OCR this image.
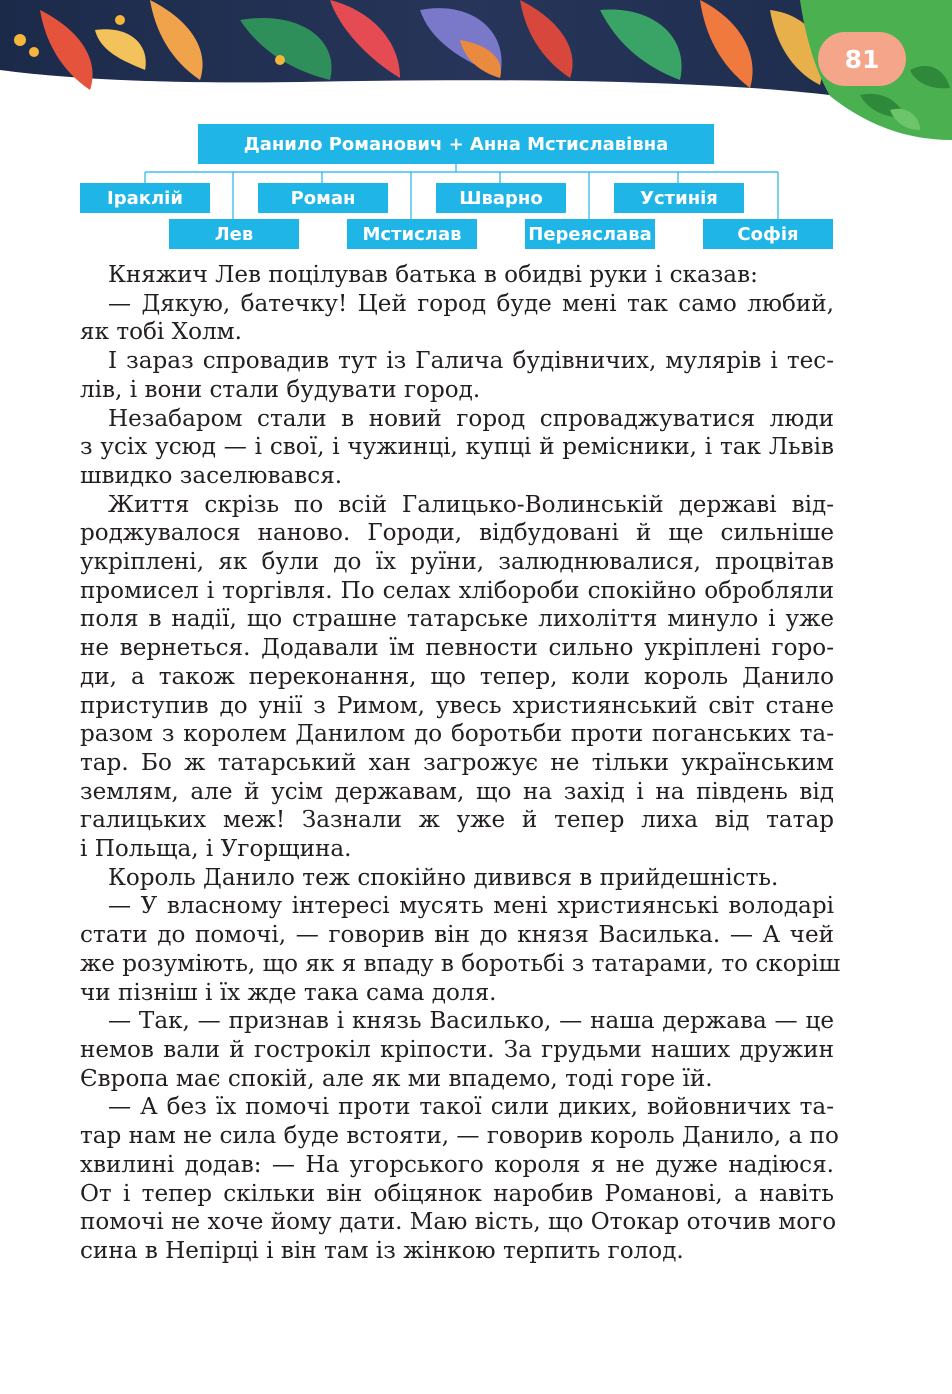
81
Данило Романович + Анна Мстиславівна
Іраклій	Роман	Шварно	Устинія
Лев	Мстислав	Переяслава	Софія
Княжич Лев поцілував батька в обидві руки і сказав:
— Дякую, батечку! Цей город буде мені так само любий,
як тобі Холм.
І зараз спровадив тут із Галича будівничих, мулярів і тес-
лів, і вони стали будувати город.
Незабаром стали в новий город спроваджуватися люди
з усіх усюд — і свої, і чужинці, купці й ремісники, і так Львів
швидко заселювався.
Життя скрізь по всій Галицько-Волинській державі від-
роджувалося наново. Городи, відбудовані й ще сильніше
укріплені, як були до їх руїни, залюднювалися, процвітав
промисел і торгівля. По селах хлібороби спокійно обробляли
поля в надії, що страшне татарське лихоліття минуло і уже
не вернеться. Додавали їм певности сильно укріплені горо-
ди, а також переконання, що тепер, коли король Данило
приступив до унії з Римом, увесь християнський світ стане
разом з королем Данилом до боротьби проти поганських та-
тар. Бо ж татарський хан загрожує не тільки українським
землям, але й усім державам, що на захід і на південь від
галицьких меж! Зазнали ж уже й тепер лиха від татар
і Польща, і Угорщина.
Король Данило теж спокійно дивився в прийдешність.
— У власному інтересі мусять мені християнські володарі
стати до помочі, — говорив він до князя Василька. — А чей
же розуміють, що як я впаду в боротьбі з татарами, то скоріш
чи пізніш і їх жде така сама доля.
— Так, — признав і князь Василько, — наша держава — це
немов вали й гострокіл кріпости. За грудьми наших дружин
Європа має спокій, але як ми впадемо, тоді горе їй.
— А без їх помочі проти такої сили диких, войовничих та-
тар нам не сила буде встояти, — говорив король Данило, а по
хвилині додав: — На угорського короля я не дуже надіюся.
От і тепер скільки він обіцянок наробив Романові, а навіть
помочі не хоче йому дати. Маю вість, що Отокар оточив мого
сина в Непірці і він там із жінкою терпить голод.
